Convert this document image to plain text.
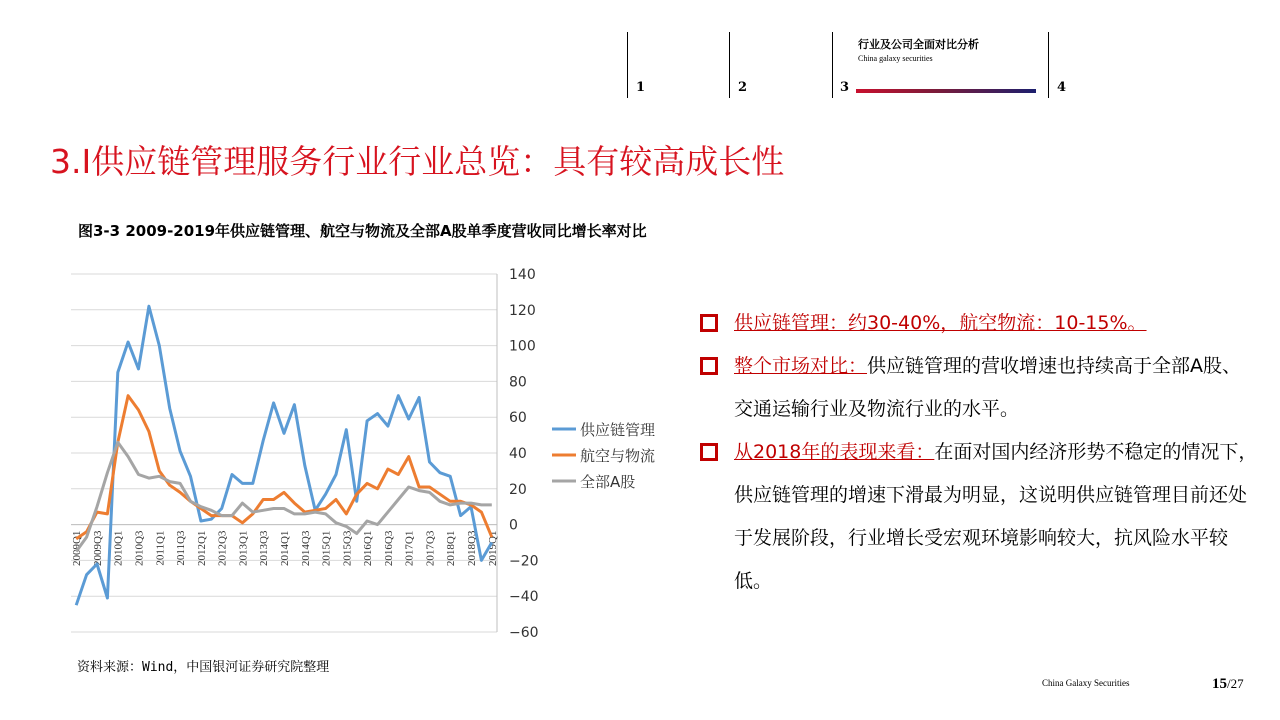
1	2	3	4
行业及公司全面对比分析
China galaxy securities
3.I供应链管理服务行业行业总览：具有较高成长性
图3-3 2009-2019年供应链管理、航空与物流及全部A股单季度营收同比增长率对比
140
120
100
80
60
40
20
0
−20
−40
−60
2009Q1 2009Q3 2010Q1 2010Q3 2011Q1 2011Q3 2012Q1 2012Q3 2013Q1 2013Q3 2014Q1 2014Q3 2015Q1 2015Q3 2016Q1 2016Q3 2017Q1 2017Q3 2018Q1 2018Q3 2019Q1
供应链管理
航空与物流
全部A股
供应链管理：约30-40%，航空物流：10-15%。
整个市场对比：供应链管理的营收增速也持续高于全部A股、交通运输行业及物流行业的水平。
从2018年的表现来看：在面对国内经济形势不稳定的情况下，供应链管理的增速下滑最为明显，这说明供应链管理目前还处于发展阶段，行业增长受宏观环境影响较大，抗风险水平较低。
资料来源：Wind，中国银河证券研究院整理
China Galaxy Securities	15/27
